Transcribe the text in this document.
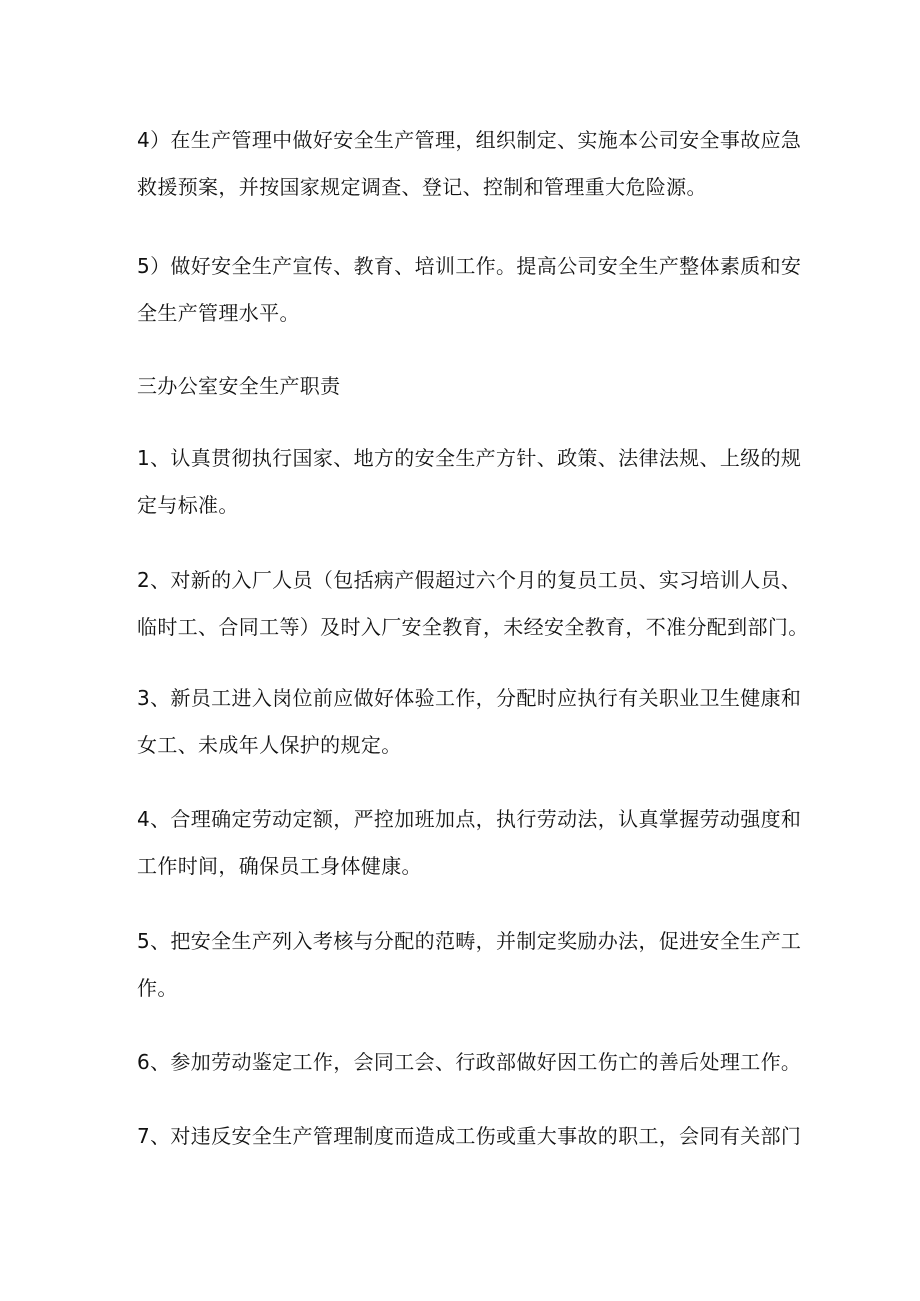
4）在生产管理中做好安全生产管理，组织制定、实施本公司安全事故应急
救援预案，并按国家规定调查、登记、控制和管理重大危险源。

5）做好安全生产宣传、教育、培训工作。提高公司安全生产整体素质和安
全生产管理水平。

三办公室安全生产职责

1、认真贯彻执行国家、地方的安全生产方针、政策、法律法规、上级的规
定与标准。

2、对新的入厂人员（包括病产假超过六个月的复员工员、实习培训人员、
临时工、合同工等）及时入厂安全教育，未经安全教育，不准分配到部门。

3、新员工进入岗位前应做好体验工作，分配时应执行有关职业卫生健康和
女工、未成年人保护的规定。

4、合理确定劳动定额，严控加班加点，执行劳动法，认真掌握劳动强度和
工作时间，确保员工身体健康。

5、把安全生产列入考核与分配的范畴，并制定奖励办法，促进安全生产工
作。

6、参加劳动鉴定工作，会同工会、行政部做好因工伤亡的善后处理工作。

7、对违反安全生产管理制度而造成工伤或重大事故的职工，会同有关部门
